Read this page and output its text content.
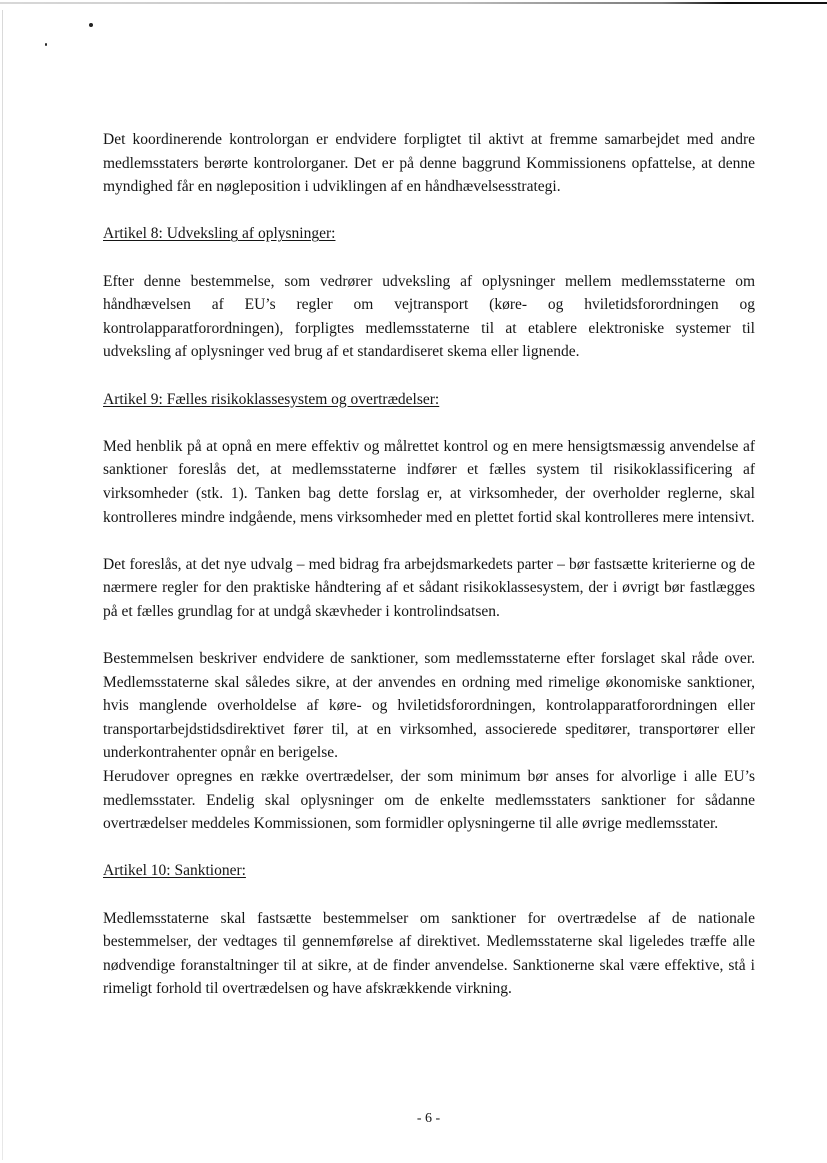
Det koordinerende kontrolorgan er endvidere forpligtet til aktivt at fremme samarbejdet med andre medlemsstaters berørte kontrolorganer. Det er på denne baggrund Kommissionens opfattelse, at denne myndighed får en nøgleposition i udviklingen af en håndhævelsesstrategi.

Artikel 8: Udveksling af oplysninger:

Efter denne bestemmelse, som vedrører udveksling af oplysninger mellem medlemsstaterne om håndhævelsen af EU’s regler om vejtransport (køre- og hviletidsforordningen og kontrolapparatforordningen), forpligtes medlemsstaterne til at etablere elektroniske systemer til udveksling af oplysninger ved brug af et standardiseret skema eller lignende.

Artikel 9: Fælles risikoklassesystem og overtrædelser:

Med henblik på at opnå en mere effektiv og målrettet kontrol og en mere hensigtsmæssig anvendelse af sanktioner foreslås det, at medlemsstaterne indfører et fælles system til risikoklassificering af virksomheder (stk. 1). Tanken bag dette forslag er, at virksomheder, der overholder reglerne, skal kontrolleres mindre indgående, mens virksomheder med en plettet fortid skal kontrolleres mere intensivt.

Det foreslås, at det nye udvalg – med bidrag fra arbejdsmarkedets parter – bør fastsætte kriterierne og de nærmere regler for den praktiske håndtering af et sådant risikoklassesystem, der i øvrigt bør fastlægges på et fælles grundlag for at undgå skævheder i kontrolindsatsen.

Bestemmelsen beskriver endvidere de sanktioner, som medlemsstaterne efter forslaget skal råde over. Medlemsstaterne skal således sikre, at der anvendes en ordning med rimelige økonomiske sanktioner, hvis manglende overholdelse af køre- og hviletidsforordningen, kontrolapparatforordningen eller transportarbejdstidsdirektivet fører til, at en virksomhed, associerede speditører, transportører eller underkontrahenter opnår en berigelse.

Herudover opregnes en række overtrædelser, der som minimum bør anses for alvorlige i alle EU’s medlemsstater. Endelig skal oplysninger om de enkelte medlemsstaters sanktioner for sådanne overtrædelser meddeles Kommissionen, som formidler oplysningerne til alle øvrige medlemsstater.

Artikel 10: Sanktioner:

Medlemsstaterne skal fastsætte bestemmelser om sanktioner for overtrædelse af de nationale bestemmelser, der vedtages til gennemførelse af direktivet. Medlemsstaterne skal ligeledes træffe alle nødvendige foranstaltninger til at sikre, at de finder anvendelse. Sanktionerne skal være effektive, stå i rimeligt forhold til overtrædelsen og have afskrækkende virkning.

- 6 -
